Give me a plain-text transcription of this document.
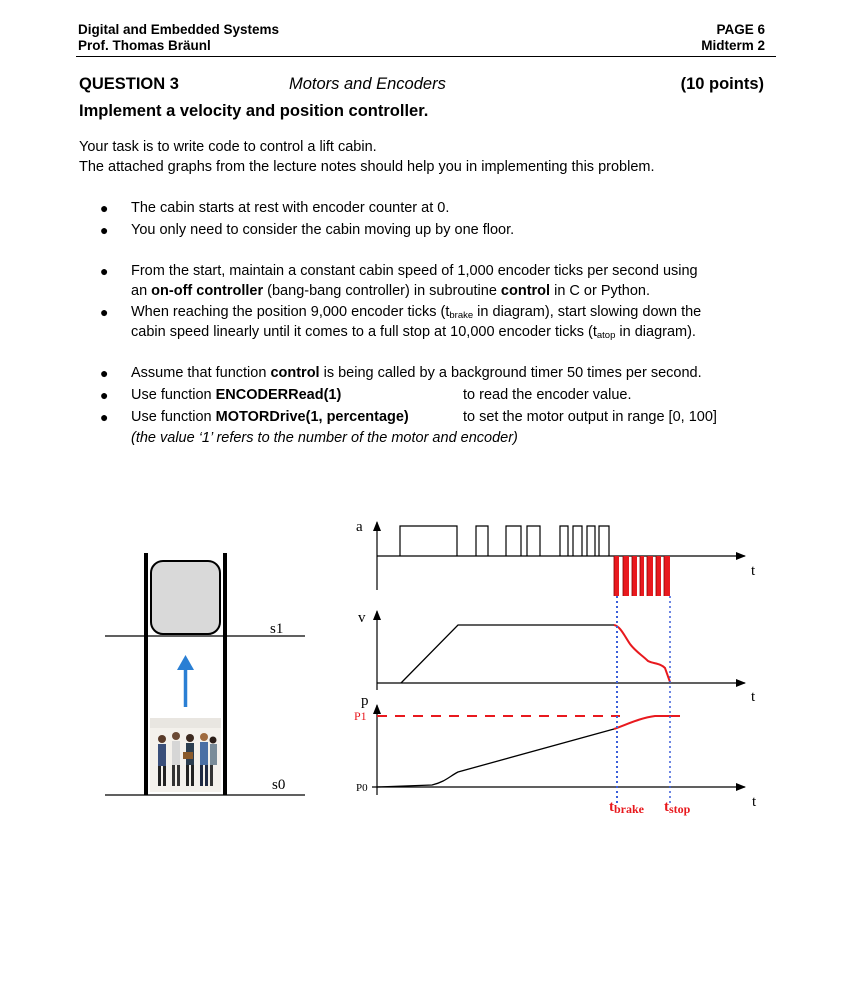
Digital and Embedded Systems
Prof. Thomas Bräunl
PAGE 6
Midterm 2
QUESTION 3	Motors and Encoders	(10 points)
Implement a velocity and position controller.
Your task is to write code to control a lift cabin.
The attached graphs from the lecture notes should help you in implementing this problem.
● The cabin starts at rest with encoder counter at 0.
● You only need to consider the cabin moving up by one floor.
● From the start, maintain a constant cabin speed of 1,000 encoder ticks per second using
an on-off controller (bang-bang controller) in subroutine control in C or Python.
● When reaching the position 9,000 encoder ticks ($t_{brake}$ in diagram), start slowing down the
cabin speed linearly until it comes to a full stop at 10,000 encoder ticks ($t_{atop}$ in diagram).
● Assume that function control is being called by a background timer 50 times per second.
● Use function ENCODERRead(1)	to read the encoder value.
● Use function MOTORDrive(1, percentage)	to set the motor output in range [0, 100]
(the value ‘1’ refers to the number of the motor and encoder)
s1
s0
a
t
v
t
p
t
P1
P0
tbrake tstop
